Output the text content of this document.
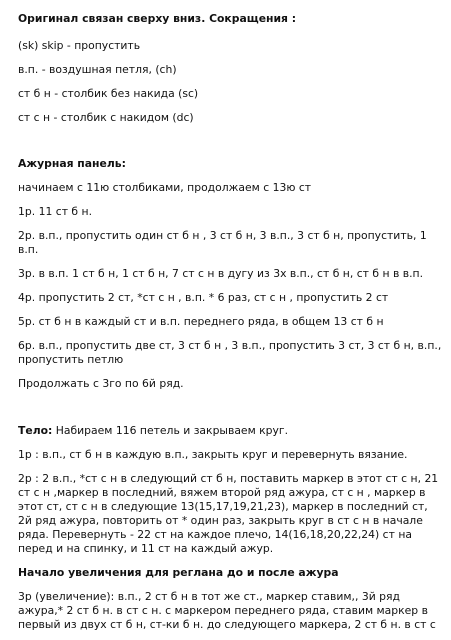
Оригинал связан сверху вниз. Сокращения :
(sk) skip - пропустить
в.п. - воздушная петля, (ch)
ст б н - столбик без накида (sc)
ст с н - столбик с накидом (dc)
Ажурная панель:
начинаем с 11ю столбиками, продолжаем с 13ю ст
1р. 11 ст б н.
2р. в.п., пропустить один ст б н , 3 ст б н, 3 в.п., 3 ст б н, пропустить, 1
в.п.
3р. в в.п. 1 ст б н, 1 ст б н, 7 ст с н в дугу из 3х в.п., ст б н, ст б н в в.п.
4р. пропустить 2 ст, *ст с н , в.п. * 6 раз, ст с н , пропустить 2 ст
5р. ст б н в каждый ст и в.п. переднего ряда, в общем 13 ст б н
6р. в.п., пропустить две ст, 3 ст б н , 3 в.п., пропустить 3 ст, 3 ст б н, в.п.,
пропустить петлю
Продолжать с 3го по 6й ряд.
Тело: Набираем 116 петель и закрываем круг.
1р : в.п., ст б н в каждую в.п., закрыть круг и перевернуть вязание.
2р : 2 в.п., *ст с н в следующий ст б н, поставить маркер в этот ст с н, 21
ст с н ,маркер в последний, вяжем второй ряд ажура, ст с н , маркер в
этот ст, ст с н в следующие 13(15,17,19,21,23), маркер в последний ст,
2й ряд ажура, повторить от * один раз, закрыть круг в ст с н в начале
ряда. Перевернуть - 22 ст на каждое плечо, 14(16,18,20,22,24) ст на
перед и на спинку, и 11 ст на каждый ажур.
Начало увеличения для реглана до и после ажура
3р (увеличение): в.п., 2 ст б н в тот же ст., маркер ставим,, 3й ряд
ажура,* 2 ст б н. в ст с н. с маркером переднего ряда, ставим маркер в
первый из двух ст б н, ст-ки б н. до следующего маркера, 2 ст б н. в ст с
